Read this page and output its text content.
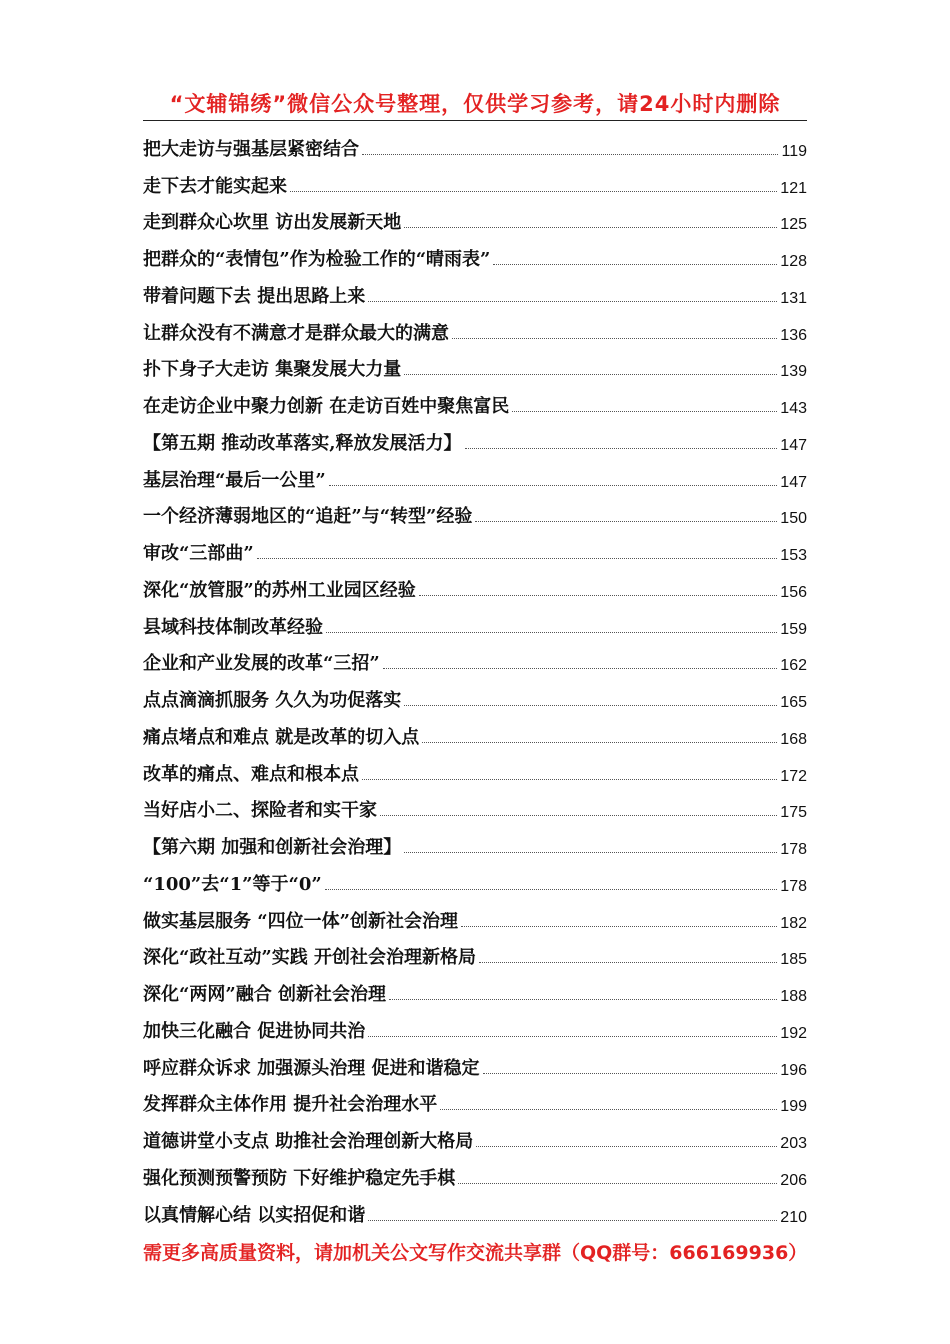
“文辅锦绣”微信公众号整理，仅供学习参考，请24小时内删除
把大走访与强基层紧密结合	119
走下去才能实起来	121
走到群众心坎里 访出发展新天地	125
把群众的“表情包”作为检验工作的“晴雨表”	128
带着问题下去 提出思路上来	131
让群众没有不满意才是群众最大的满意	136
扑下身子大走访 集聚发展大力量	139
在走访企业中聚力创新 在走访百姓中聚焦富民	143
【第五期 推动改革落实,释放发展活力】	147
基层治理“最后一公里”	147
一个经济薄弱地区的“追赶”与“转型”经验	150
审改“三部曲”	153
深化“放管服”的苏州工业园区经验	156
县域科技体制改革经验	159
企业和产业发展的改革“三招”	162
点点滴滴抓服务 久久为功促落实	165
痛点堵点和难点 就是改革的切入点	168
改革的痛点、难点和根本点	172
当好店小二、探险者和实干家	175
【第六期 加强和创新社会治理】	178
“100”去“1”等于“0”	178
做实基层服务 “四位一体”创新社会治理	182
深化“政社互动”实践 开创社会治理新格局	185
深化“两网”融合 创新社会治理	188
加快三化融合 促进协同共治	192
呼应群众诉求 加强源头治理 促进和谐稳定	196
发挥群众主体作用 提升社会治理水平	199
道德讲堂小支点 助推社会治理创新大格局	203
强化预测预警预防 下好维护稳定先手棋	206
以真情解心结 以实招促和谐	210
需更多高质量资料，请加机关公文写作交流共享群（QQ群号：666169936）
